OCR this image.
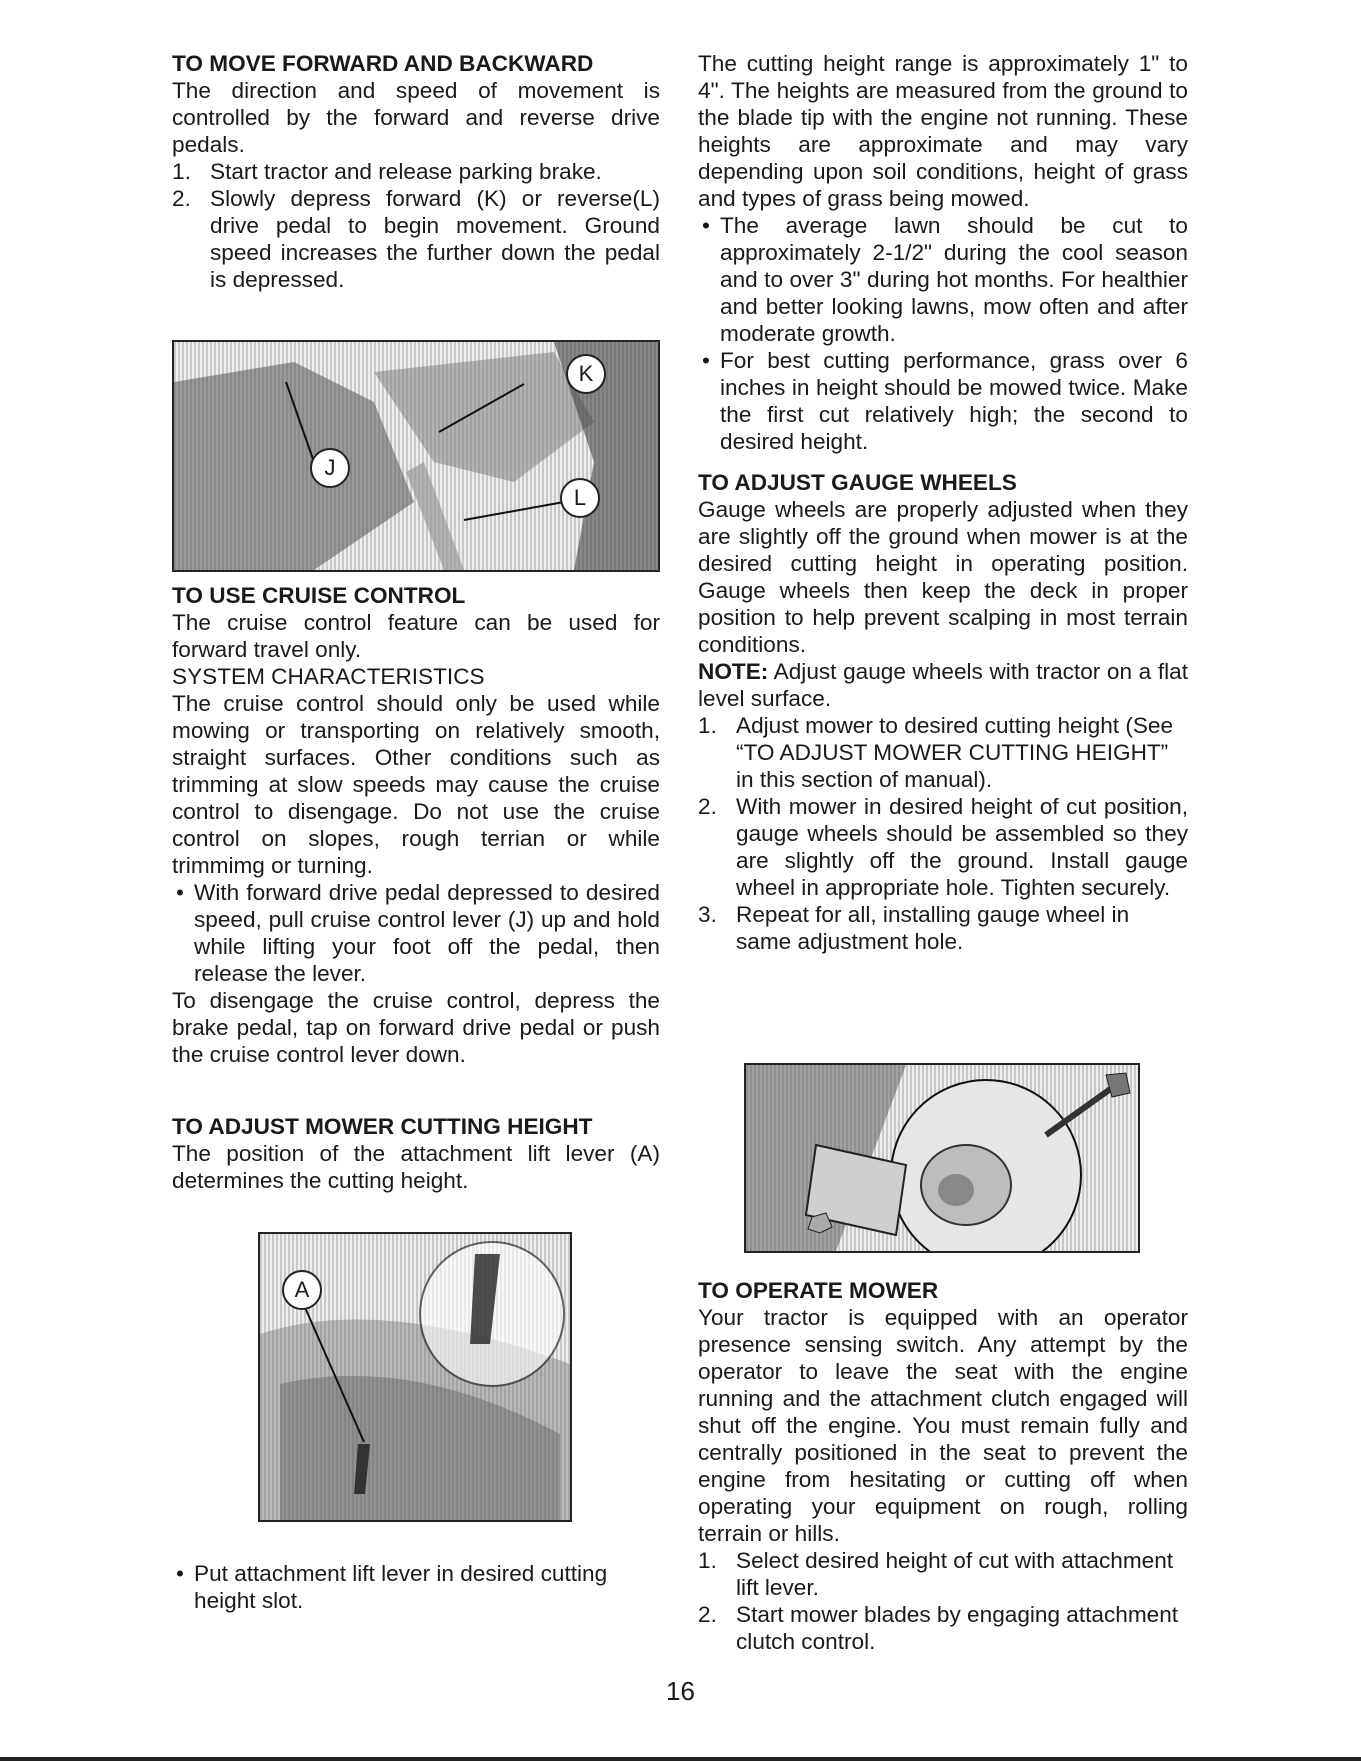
TO MOVE FORWARD AND BACKWARD

The direction and speed of movement is controlled by the forward and reverse drive pedals.

1. Start tractor and release parking brake.
2. Slowly depress forward (K) or reverse(L) drive pedal to begin movement. Ground speed increases the further down the pedal is depressed.
K
J
L
TO USE CRUISE CONTROL

The cruise control feature can be used for forward travel only.

SYSTEM CHARACTERISTICS

The cruise control should only be used while mowing or transporting on relatively smooth, straight surfaces. Other conditions such as trimming at slow speeds may cause the cruise control to disengage. Do not use the cruise control on slopes, rough terrian or while trimmimg or turning.

• With forward drive pedal depressed to desired speed, pull cruise control lever (J) up and hold while lifting your foot off the pedal, then release the lever.

To disengage the cruise control, depress the brake pedal, tap on forward drive pedal or push the cruise control lever down.

TO ADJUST MOWER CUTTING HEIGHT

The position of the attachment lift lever (A) determines the cutting height.

A
• Put attachment lift lever in desired cutting height slot.

The cutting height range is approximately 1" to 4". The heights are measured from the ground to the blade tip with the engine not running. These heights are approximate and may vary depending upon soil conditions, height of grass and types of grass being mowed.

• The average lawn should be cut to approximately 2-1/2" during the cool season and to over 3" during hot months. For healthier and better looking lawns, mow often and after moderate growth.
• For best cutting performance, grass over 6 inches in height should be mowed twice. Make the first cut relatively high; the second to desired height.
TO ADJUST GAUGE WHEELS

Gauge wheels are properly adjusted when they are slightly off the ground when mower is at the desired cutting height in operating position. Gauge wheels then keep the deck in proper position to help prevent scalping in most terrain conditions.

NOTE: Adjust gauge wheels with tractor on a flat level surface.

1. Adjust mower to desired cutting height (See “TO ADJUST MOWER CUTTING HEIGHT” in this section of manual).
2. With mower in desired height of cut position, gauge wheels should be assembled so they are slightly off the ground. Install gauge wheel in appropriate hole. Tighten securely.
3. Repeat for all, installing gauge wheel in same adjustment hole.
TO OPERATE MOWER

Your tractor is equipped with an operator presence sensing switch. Any attempt by the operator to leave the seat with the engine running and the attachment clutch engaged will shut off the engine. You must remain fully and centrally positioned in the seat to prevent the engine from hesitating or cutting off when operating your equipment on rough, rolling terrain or hills.

1. Select desired height of cut with attachment lift lever.
2. Start mower blades by engaging attachment clutch control.
16
